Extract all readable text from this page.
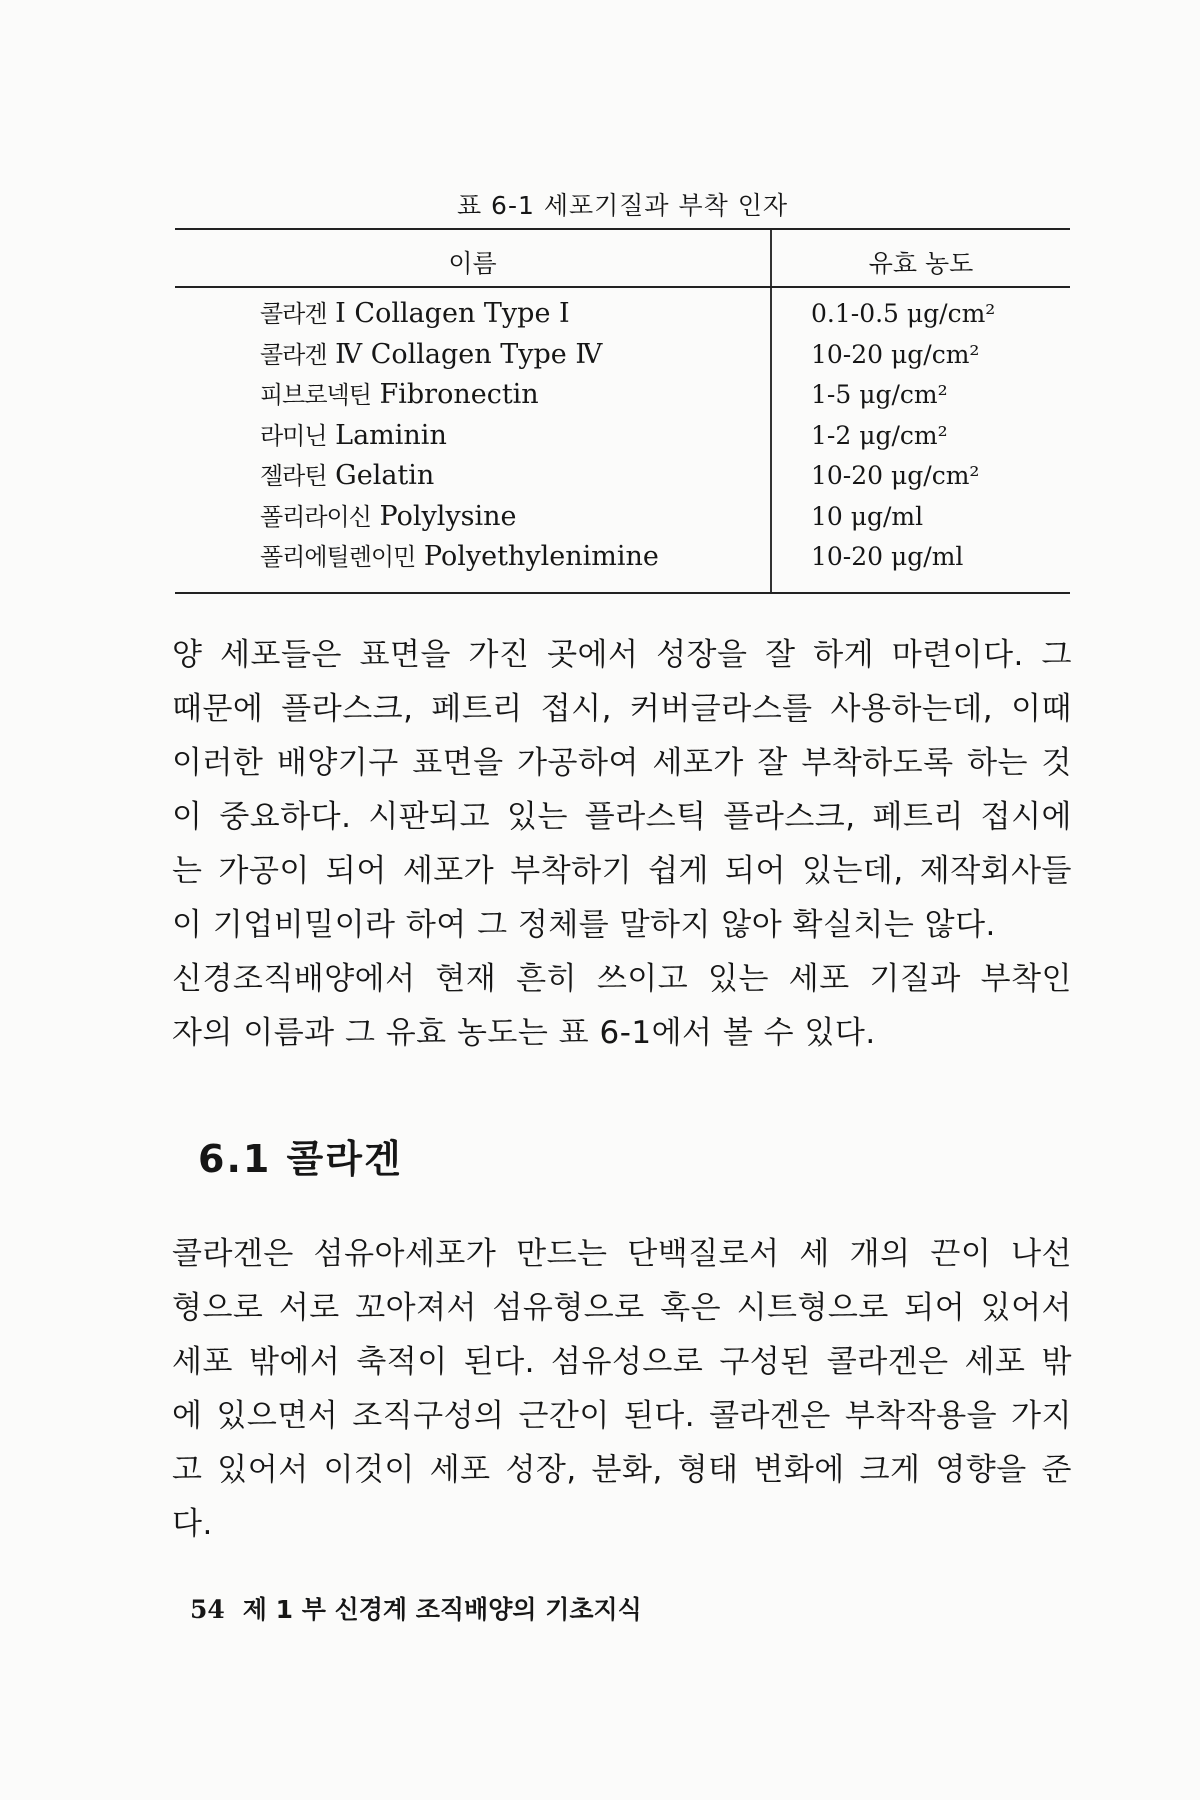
표 6-1 세포기질과 부착 인자
이름	유효 농도
콜라겐 Ⅰ Collagen Type Ⅰ
콜라겐 Ⅳ Collagen Type Ⅳ
피브로넥틴 Fibronectin
라미닌 Laminin
젤라틴 Gelatin
폴리라이신 Polylysine
폴리에틸렌이민 Polyethylenimine
0.1-0.5 μg/cm²
10-20 μg/cm²
1-5 μg/cm²
1-2 μg/cm²
10-20 μg/cm²
10 μg/ml
10-20 μg/ml
양 세포들은 표면을 가진 곳에서 성장을 잘 하게 마련이다. 그
때문에 플라스크, 페트리 접시, 커버글라스를 사용하는데, 이때
이러한 배양기구 표면을 가공하여 세포가 잘 부착하도록 하는 것
이 중요하다. 시판되고 있는 플라스틱 플라스크, 페트리 접시에
는 가공이 되어 세포가 부착하기 쉽게 되어 있는데, 제작회사들
이 기업비밀이라 하여 그 정체를 말하지 않아 확실치는 않다.
신경조직배양에서 현재 흔히 쓰이고 있는 세포 기질과 부착인
자의 이름과 그 유효 농도는 표 6-1에서 볼 수 있다.
6.1 콜라겐
콜라겐은 섬유아세포가 만드는 단백질로서 세 개의 끈이 나선
형으로 서로 꼬아져서 섬유형으로 혹은 시트형으로 되어 있어서
세포 밖에서 축적이 된다. 섬유성으로 구성된 콜라겐은 세포 밖
에 있으면서 조직구성의 근간이 된다. 콜라겐은 부착작용을 가지
고 있어서 이것이 세포 성장, 분화, 형태 변화에 크게 영향을 준
다.
54 제 1 부 신경계 조직배양의 기초지식
